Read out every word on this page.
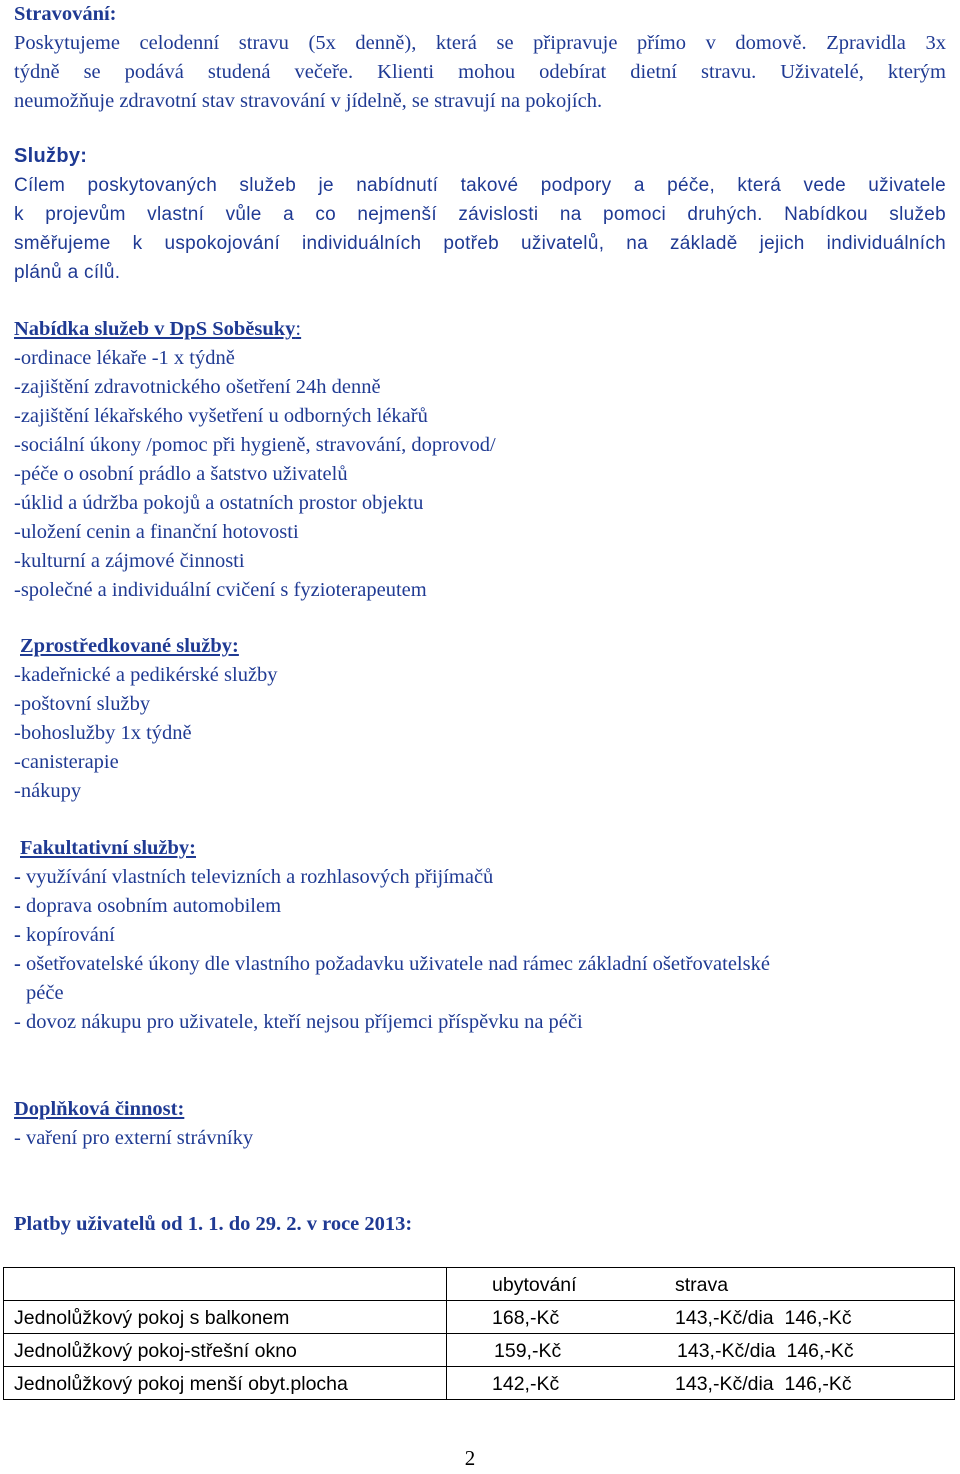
Stravování:
Poskytujeme celodenní stravu (5x denně), která se připravuje přímo v domově. Zpravidla 3x
týdně se podává studená večeře. Klienti mohou odebírat dietní stravu. Uživatelé, kterým
neumožňuje zdravotní stav stravování v jídelně, se stravují na pokojích.
Služby:
Cílem poskytovaných služeb je nabídnutí takové podpory a péče, která vede uživatele
k projevům vlastní vůle a co nejmenší závislosti na pomoci druhých. Nabídkou služeb
směřujeme k uspokojování individuálních potřeb uživatelů, na základě jejich individuálních
plánů a cílů.
Nabídka služeb v DpS Soběsuky:
-ordinace lékaře -1 x týdně
-zajištění zdravotnického ošetření 24h denně
-zajištění lékařského vyšetření u odborných lékařů
-sociální úkony /pomoc při hygieně, stravování, doprovod/
-péče o osobní prádlo a šatstvo uživatelů
-úklid a údržba pokojů a ostatních prostor objektu
-uložení cenin a finanční hotovosti
-kulturní a zájmové činnosti
-společné a individuální cvičení s fyzioterapeutem
Zprostředkované služby:
-kadeřnické a pedikérské služby
-poštovní služby
-bohoslužby 1x týdně
-canisterapie
-nákupy
Fakultativní služby:
- využívání vlastních televizních a rozhlasových přijímačů
- doprava osobním automobilem
- kopírování
- ošetřovatelské úkony dle vlastního požadavku uživatele nad rámec základní ošetřovatelské
péče
- dovoz nákupu pro uživatele, kteří nejsou příjemci příspěvku na péči
Doplňková činnost:
- vaření pro externí strávníky
Platby uživatelů od 1. 1. do 29. 2. v roce 2013:

	ubytování strava

Jednolůžkový pokoj s balkonem	168,-Kč 143,-Kč/dia  146,-Kč

Jednolůžkový pokoj-střešní okno	159,-Kč 143,-Kč/dia  146,-Kč

Jednolůžkový pokoj menší obyt.plocha	142,-Kč 143,-Kč/dia  146,-Kč
2
